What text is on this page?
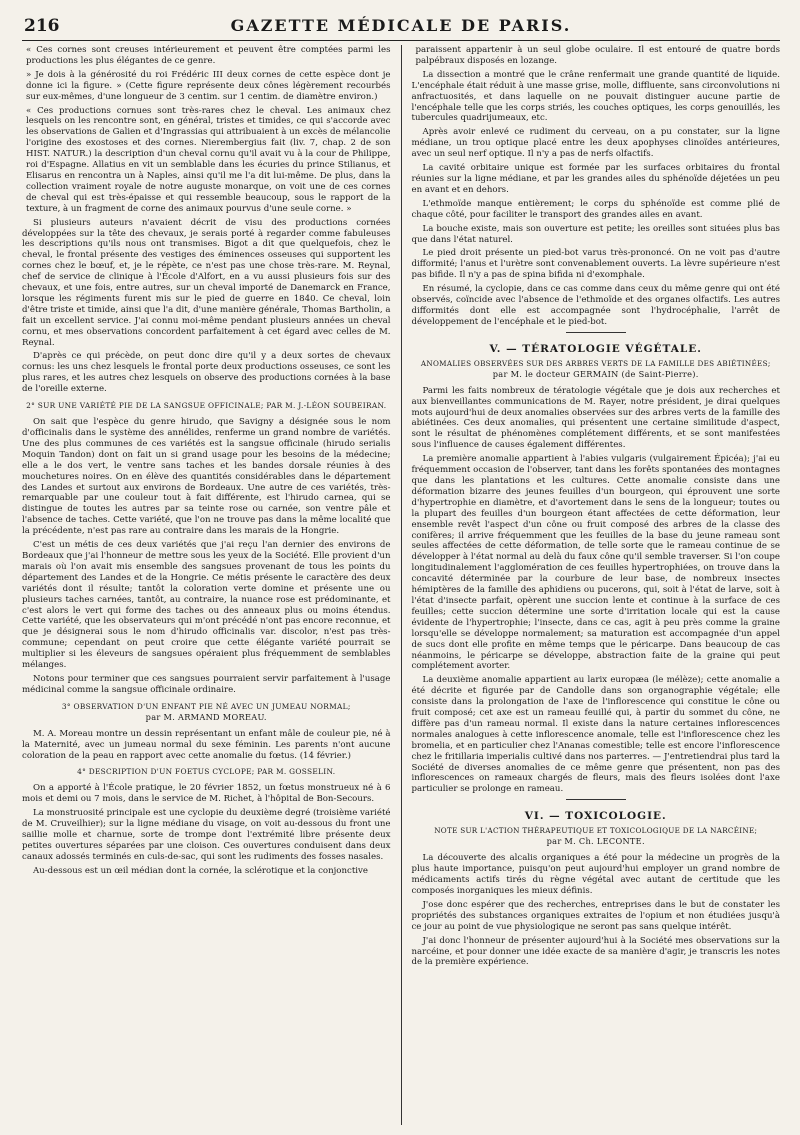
216	GAZETTE MÉDICALE DE PARIS.

« Ces cornes sont creuses intérieurement et peuvent être comptées parmi les productions les plus élégantes de ce genre.

» Je dois à la générosité du roi Frédéric III deux cornes de cette espèce dont je donne ici la figure. » (Cette figure représente deux cônes légèrement recourbés sur eux-mêmes, d'une longueur de 3 centim. sur 1 centim. de diamètre environ.)

« Ces productions cornues sont très-rares chez le cheval. Les animaux chez lesquels on les rencontre sont, en général, tristes et timides, ce qui s'accorde avec les observations de Galien et d'Ingrassias qui attribuaient à un excès de mélancolie l'origine des exostoses et des cornes. Nierembergius fait (liv. 7, chap. 2 de son HIST. NATUR.) la description d'un cheval cornu qu'il avait vu à la cour de Philippe, roi d'Espagne. Allatius en vit un semblable dans les écuries du prince Stilianus, et Elisarus en rencontra un à Naples, ainsi qu'il me l'a dit lui-même. De plus, dans la collection vraiment royale de notre auguste monarque, on voit une de ces cornes de cheval qui est très-épaisse et qui ressemble beaucoup, sous le rapport de la texture, à un fragment de corne des animaux pourvus d'une seule corne. »

Si plusieurs auteurs n'avaient décrit de visu des productions cornées développées sur la tête des chevaux, je serais porté à regarder comme fabuleuses les descriptions qu'ils nous ont transmises. Bigot a dit que quelquefois, chez le cheval, le frontal présente des vestiges des éminences osseuses qui supportent les cornes chez le bœuf, et, je le répète, ce n'est pas une chose très-rare. M. Reynal, chef de service de clinique à l'École d'Alfort, en a vu aussi plusieurs fois sur des chevaux, et une fois, entre autres, sur un cheval importé de Danemarck en France, lorsque les régiments furent mis sur le pied de guerre en 1840. Ce cheval, loin d'être triste et timide, ainsi que l'a dit, d'une manière générale, Thomas Bartholin, a fait un excellent service. J'ai connu moi-même pendant plusieurs années un cheval cornu, et mes observations concordent parfaitement à cet égard avec celles de M. Reynal.

D'après ce qui précède, on peut donc dire qu'il y a deux sortes de chevaux cornus: les uns chez lesquels le frontal porte deux productions osseuses, ce sont les plus rares, et les autres chez lesquels on observe des productions cornées à la base de l'oreille externe.

2° SUR UNE VARIÉTÉ PIE DE LA SANGSUE OFFICINALE; PAR M. J.-LÉON SOUBEIRAN.

On sait que l'espèce du genre hirudo, que Savigny a désignée sous le nom d'officinalis dans le système des annélides, renferme un grand nombre de variétés. Une des plus communes de ces variétés est la sangsue officinale (hirudo serialis Moquin Tandon) dont on fait un si grand usage pour les besoins de la médecine; elle a le dos vert, le ventre sans taches et les bandes dorsale réunies à des mouchetures noires. On en élève des quantités considérables dans le département des Landes et surtout aux environs de Bordeaux. Une autre de ces variétés, très-remarquable par une couleur tout à fait différente, est l'hirudo carnea, qui se distingue de toutes les autres par sa teinte rose ou carnée, son ventre pâle et l'absence de taches. Cette variété, que l'on ne trouve pas dans la même localité que la précédente, n'est pas rare au contraire dans les marais de la Hongrie.

C'est un métis de ces deux variétés que j'ai reçu l'an dernier des environs de Bordeaux que j'ai l'honneur de mettre sous les yeux de la Société. Elle provient d'un marais où l'on avait mis ensemble des sangsues provenant de tous les points du département des Landes et de la Hongrie. Ce métis présente le caractère des deux variétés dont il résulte; tantôt la coloration verte domine et présente une ou plusieurs taches carnées, tantôt, au contraire, la nuance rose est prédominante, et c'est alors le vert qui forme des taches ou des anneaux plus ou moins étendus. Cette variété, que les observateurs qui m'ont précédé n'ont pas encore reconnue, et que je désignerai sous le nom d'hirudo officinalis var. discolor, n'est pas très-commune; cependant on peut croire que cette élégante variété pourrait se multiplier si les éleveurs de sangsues opéraient plus fréquemment de semblables mélanges.

Notons pour terminer que ces sangsues pourraient servir parfaitement à l'usage médicinal comme la sangsue officinale ordinaire.

3° OBSERVATION D'UN ENFANT PIE NÉ AVEC UN JUMEAU NORMAL;
par M. ARMAND MOREAU.

M. A. Moreau montre un dessin représentant un enfant mâle de couleur pie, né à la Maternité, avec un jumeau normal du sexe féminin. Les parents n'ont aucune coloration de la peau en rapport avec cette anomalie du fœtus. (14 février.)

4° DESCRIPTION D'UN FOETUS CYCLOPE; PAR M. GOSSELIN.

On a apporté à l'École pratique, le 20 février 1852, un fœtus monstrueux né à 6 mois et demi ou 7 mois, dans le service de M. Richet, à l'hôpital de Bon-Secours.

La monstruosité principale est une cyclopie du deuxième degré (troisième variété de M. Cruveilhier); sur la ligne médiane du visage, on voit au-dessous du front une saillie molle et charnue, sorte de trompe dont l'extrémité libre présente deux petites ouvertures séparées par une cloison. Ces ouvertures conduisent dans deux canaux adossés terminés en culs-de-sac, qui sont les rudiments des fosses nasales.

Au-dessous est un œil médian dont la cornée, la sclérotique et la conjonctive

paraissent appartenir à un seul globe oculaire. Il est entouré de quatre bords palpébraux disposés en lozange.

La dissection a montré que le crâne renfermait une grande quantité de liquide. L'encéphale était réduit à une masse grise, molle, diffluente, sans circonvolutions ni anfractuosités, et dans laquelle on ne pouvait distinguer aucune partie de l'encéphale telle que les corps striés, les couches optiques, les corps genouillés, les tubercules quadrijumeaux, etc.

Après avoir enlevé ce rudiment du cerveau, on a pu constater, sur la ligne médiane, un trou optique placé entre les deux apophyses clinoïdes antérieures, avec un seul nerf optique. Il n'y a pas de nerfs olfactifs.

La cavité orbitaire unique est formée par les surfaces orbitaires du frontal réunies sur la ligne médiane, et par les grandes ailes du sphénoïde déjetées un peu en avant et en dehors.

L'ethmoïde manque entièrement; le corps du sphénoïde est comme plié de chaque côté, pour faciliter le transport des grandes ailes en avant.

La bouche existe, mais son ouverture est petite; les oreilles sont situées plus bas que dans l'état naturel.

Le pied droit présente un pied-bot varus très-prononcé. On ne voit pas d'autre difformité; l'anus et l'urètre sont convenablement ouverts. La lèvre supérieure n'est pas bifide. Il n'y a pas de spina bifida ni d'exomphale.

En résumé, la cyclopie, dans ce cas comme dans ceux du même genre qui ont été observés, coïncide avec l'absence de l'ethmoïde et des organes olfactifs. Les autres difformités dont elle est accompagnée sont l'hydrocéphalie, l'arrêt de développement de l'encéphale et le pied-bot.

V. — TÉRATOLOGIE VÉGÉTALE.
ANOMALIES OBSERVÉES SUR DES ARBRES VERTS DE LA FAMILLE DES ABIÉTINÉES;
par M. le docteur GERMAIN (de Saint-Pierre).

Parmi les faits nombreux de tératologie végétale que je dois aux recherches et aux bienveillantes communications de M. Rayer, notre président, je dirai quelques mots aujourd'hui de deux anomalies observées sur des arbres verts de la famille des abiétinées. Ces deux anomalies, qui présentent une certaine similitude d'aspect, sont le résultat de phénomènes complétement différents, et se sont manifestées sous l'influence de causes également différentes.

La première anomalie appartient à l'abies vulgaris (vulgairement Épicéa); j'ai eu fréquemment occasion de l'observer, tant dans les forêts spontanées des montagnes que dans les plantations et les cultures. Cette anomalie consiste dans une déformation bizarre des jeunes feuilles d'un bourgeon, qui éprouvent une sorte d'hypertrophie en diamètre, et d'avortement dans le sens de la longueur; toutes ou la plupart des feuilles d'un bourgeon étant affectées de cette déformation, leur ensemble revêt l'aspect d'un cône ou fruit composé des arbres de la classe des conifères; il arrive fréquemment que les feuilles de la base du jeune rameau sont seules affectées de cette déformation, de telle sorte que le rameau continue de se développer à l'état normal au delà du faux cône qu'il semble traverser. Si l'on coupe longitudinalement l'agglomération de ces feuilles hypertrophiées, on trouve dans la concavité déterminée par la courbure de leur base, de nombreux insectes hémiptères de la famille des aphidiens ou pucerons, qui, soit à l'état de larve, soit à l'état d'insecte parfait, opèrent une succion lente et continue à la surface de ces feuilles; cette succion détermine une sorte d'irritation locale qui est la cause évidente de l'hypertrophie; l'insecte, dans ce cas, agit à peu près comme la graine lorsqu'elle se développe normalement; sa maturation est accompagnée d'un appel de sucs dont elle profite en même temps que le péricarpe. Dans beaucoup de cas néanmoins, le péricarpe se développe, abstraction faite de la graine qui peut complétement avorter.

La deuxième anomalie appartient au larix europæa (le mélèze); cette anomalie a été décrite et figurée par de Candolle dans son organographie végétale; elle consiste dans la prolongation de l'axe de l'inflorescence qui constitue le cône ou fruit composé; cet axe est un rameau feuillé qui, à partir du sommet du cône, ne diffère pas d'un rameau normal. Il existe dans la nature certaines inflorescences normales analogues à cette inflorescence anomale, telle est l'inflorescence chez les bromelia, et en particulier chez l'Ananas comestible; telle est encore l'inflorescence chez le fritillaria imperialis cultivé dans nos parterres. — J'entretiendrai plus tard la Société de diverses anomalies de ce même genre que présentent, non pas des inflorescences on rameaux chargés de fleurs, mais des fleurs isolées dont l'axe particulier se prolonge en rameau.

VI. — TOXICOLOGIE.
NOTE SUR L'ACTION THÉRAPEUTIQUE ET TOXICOLOGIQUE DE LA NARCÉINE;
par M. Ch. LECONTE.

La découverte des alcalis organiques a été pour la médecine un progrès de la plus haute importance, puisqu'on peut aujourd'hui employer un grand nombre de médicaments actifs tirés du règne végétal avec autant de certitude que les composés inorganiques les mieux définis.

J'ose donc espérer que des recherches, entreprises dans le but de constater les propriétés des substances organiques extraites de l'opium et non étudiées jusqu'à ce jour au point de vue physiologique ne seront pas sans quelque intérêt.

J'ai donc l'honneur de présenter aujourd'hui à la Société mes observations sur la narcéine, et pour donner une idée exacte de sa manière d'agir, je transcris les notes de la première expérience.
